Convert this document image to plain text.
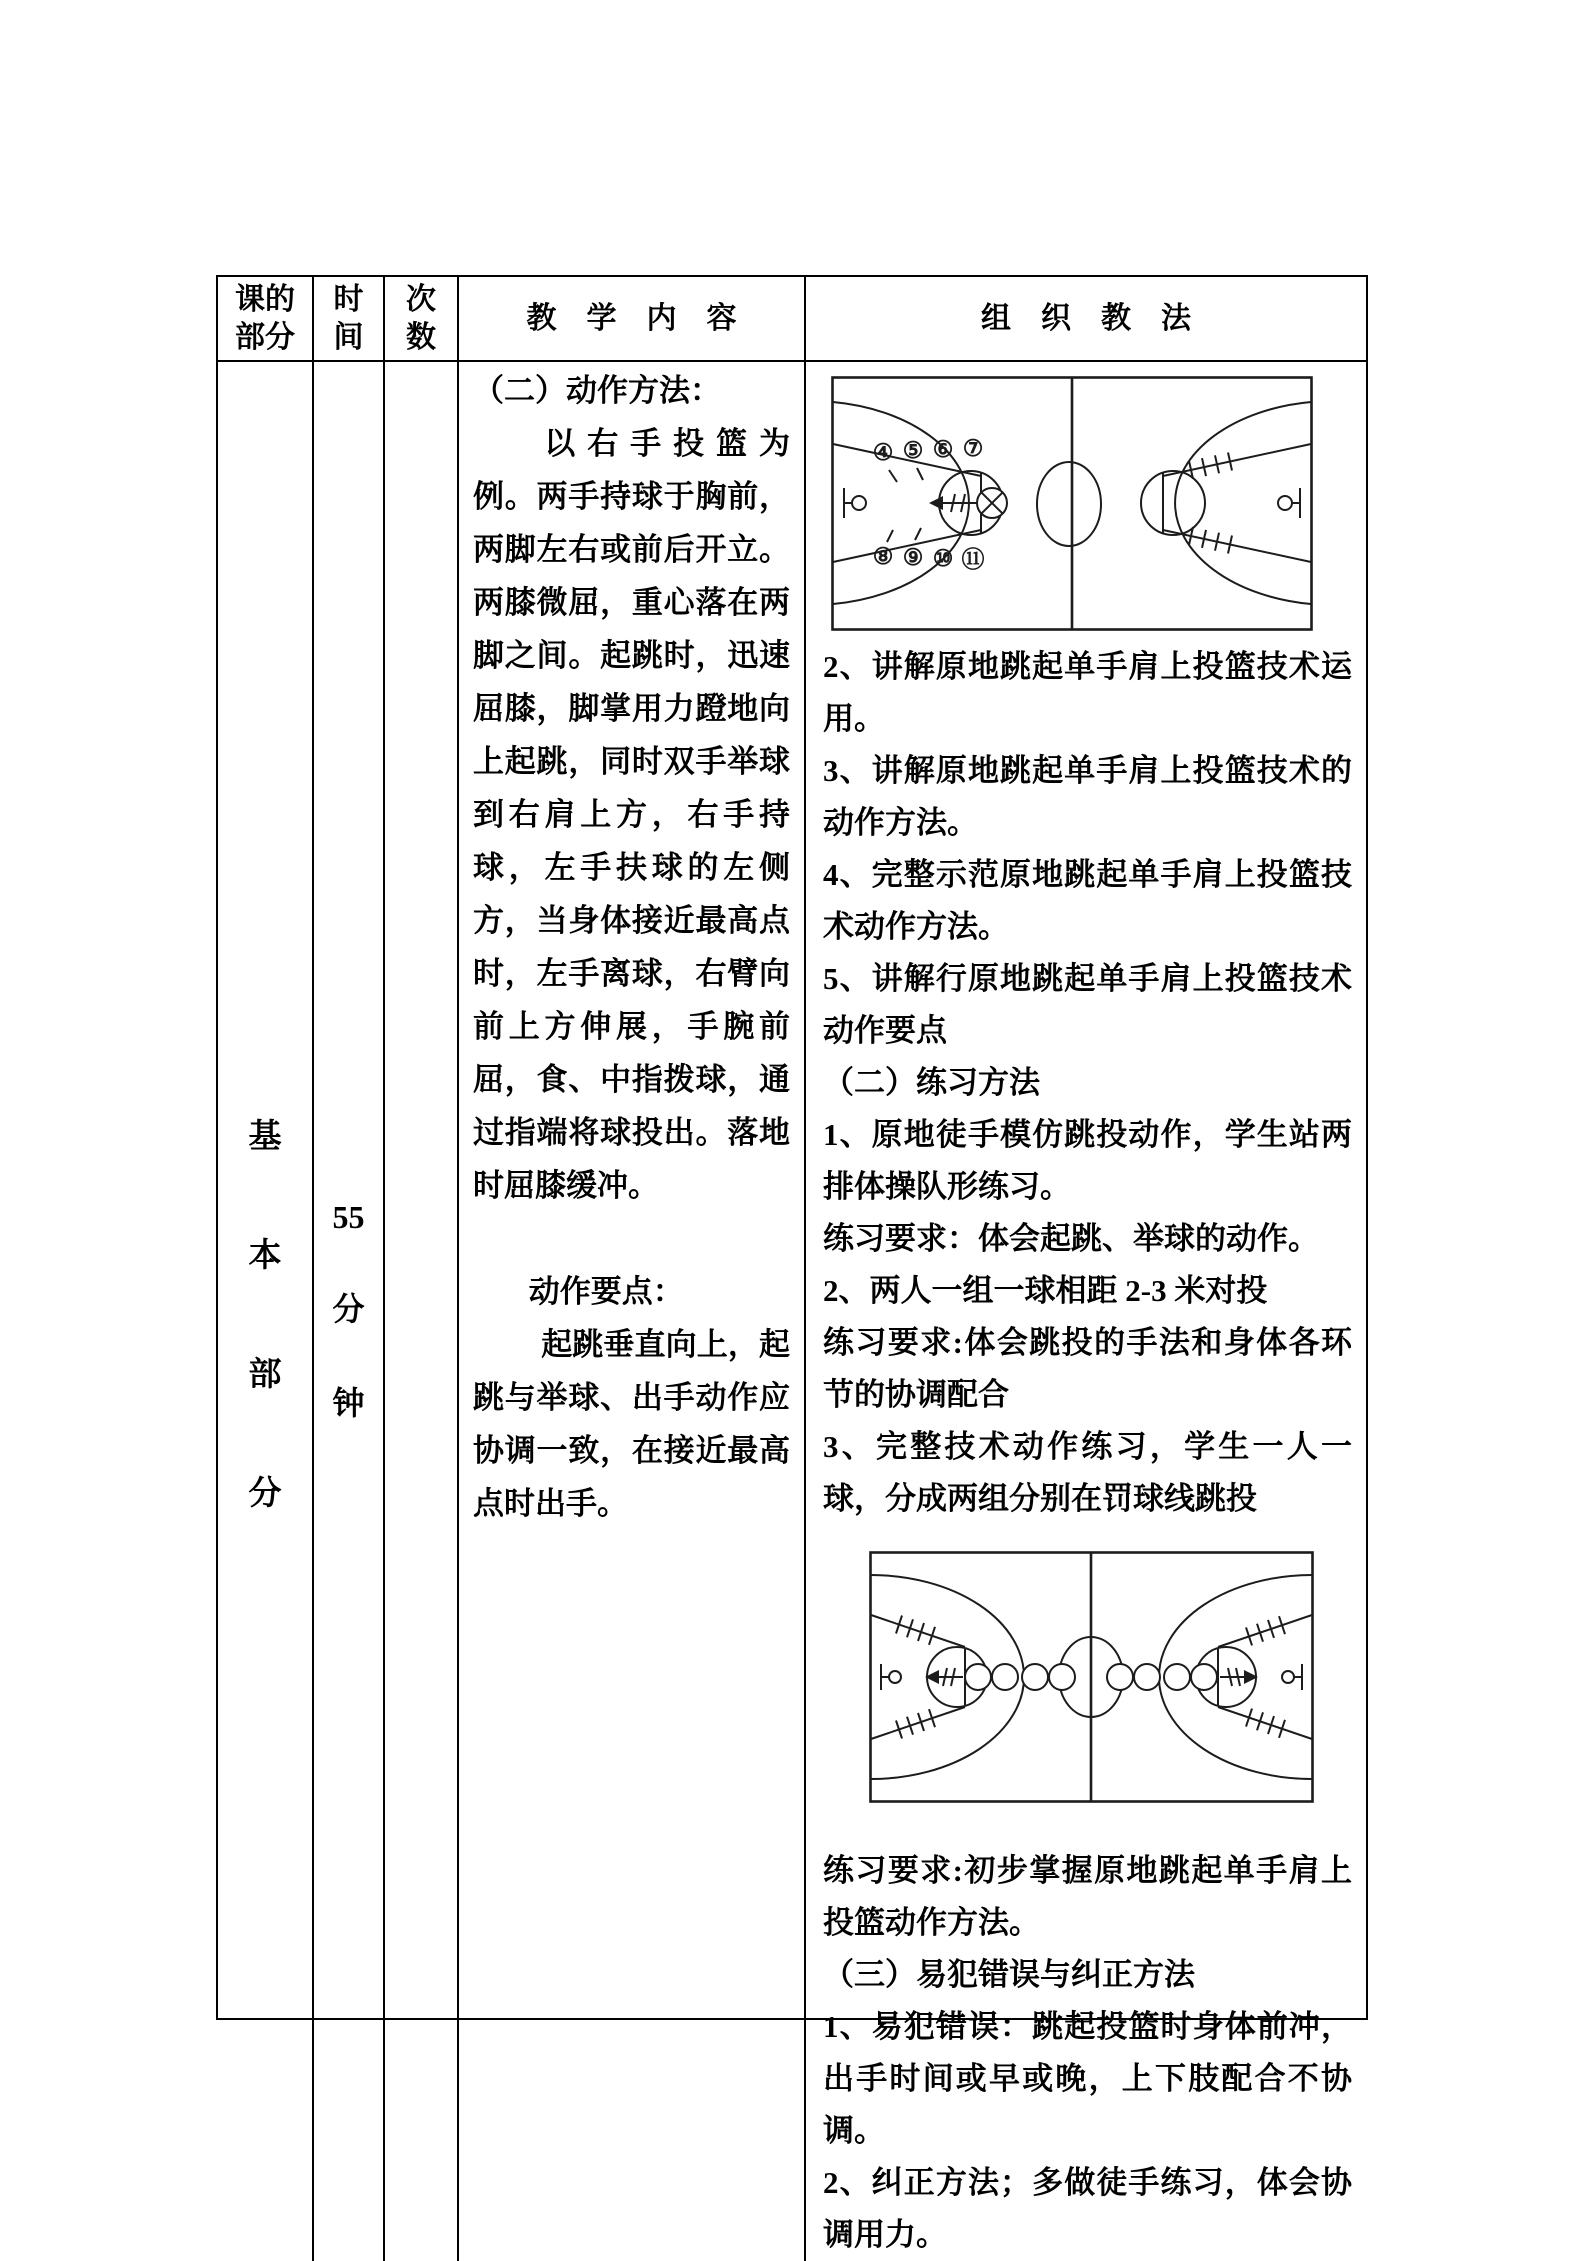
课的
部分
时
间
次
数
教　学　内　容	组　织　教　法
基
本
部
分
55
分
钟

（二）动作方法：

以右手投篮为例。两手持球于胸前，两脚左右或前后开立。两膝微屈，重心落在两脚之间。起跳时，迅速屈膝，脚掌用力蹬地向上起跳，同时双手举球到右肩上方，右手持球，左手扶球的左侧方，当身体接近最高点时，左手离球，右臂向前上方伸展，手腕前屈，食、中指拨球，通过指端将球投出。落地时屈膝缓冲。

动作要点：

起跳垂直向上，起跳与举球、出手动作应协调一致，在接近最高点时出手。

④ ⑤ ⑥ ⑦
⑧ ⑨ ⑩ ⑪

2、讲解原地跳起单手肩上投篮技术运用。

3、讲解原地跳起单手肩上投篮技术的动作方法。

4、完整示范原地跳起单手肩上投篮技术动作方法。

5、讲解行原地跳起单手肩上投篮技术动作要点

（二）练习方法

1、原地徒手模仿跳投动作，学生站两排体操队形练习。

练习要求：体会起跳、举球的动作。

2、两人一组一球相距 2-3 米对投

练习要求:体会跳投的手法和身体各环节的协调配合

3、完整技术动作练习，学生一人一球，分成两组分别在罚球线跳投

练习要求:初步掌握原地跳起单手肩上投篮动作方法。

（三）易犯错误与纠正方法

1、易犯错误：跳起投篮时身体前冲，出手时间或早或晚，上下肢配合不协调。

2、纠正方法；多做徒手练习，体会协调用力。
